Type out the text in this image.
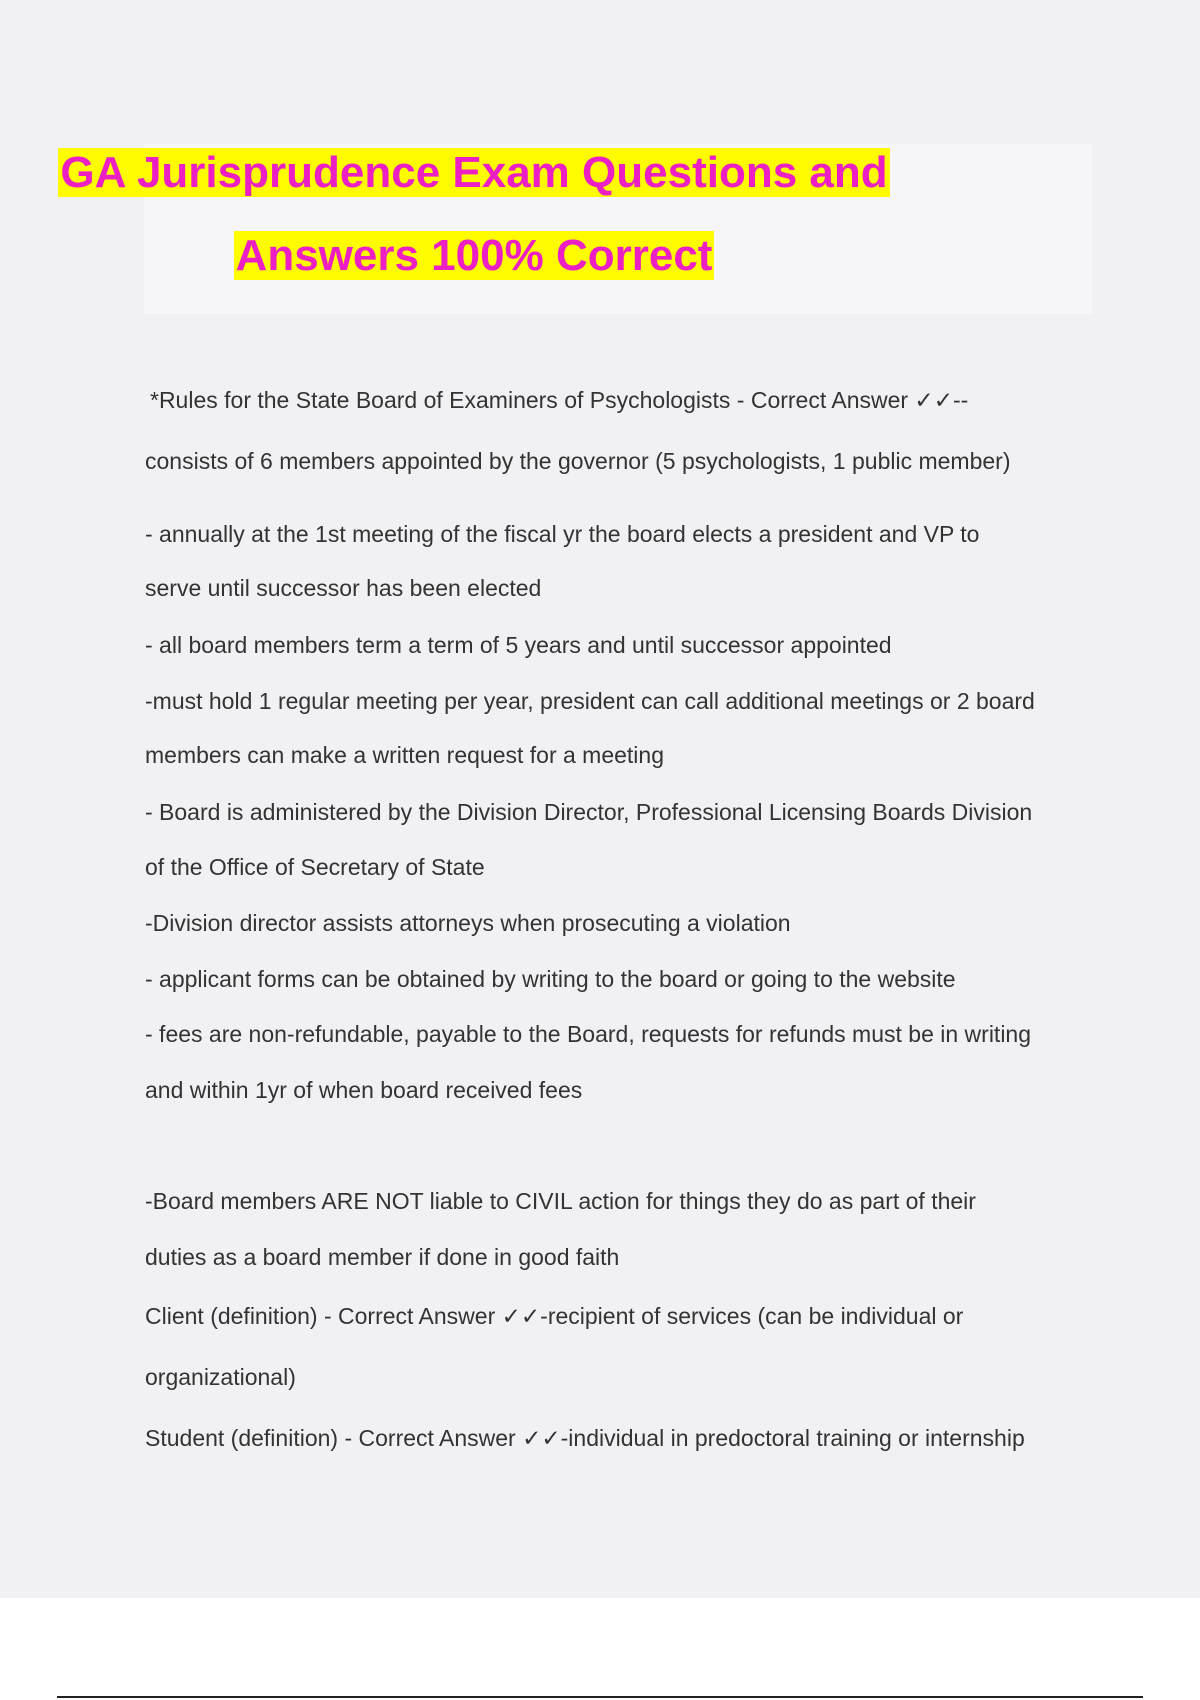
GA Jurisprudence Exam Questions and
Answers 100% Correct
*Rules for the State Board of Examiners of Psychologists - Correct Answer ✓✓--
consists of 6 members appointed by the governor (5 psychologists, 1 public member)
- annually at the 1st meeting of the fiscal yr the board elects a president and VP to
serve until successor has been elected
- all board members term a term of 5 years and until successor appointed
-must hold 1 regular meeting per year, president can call additional meetings or 2 board
members can make a written request for a meeting
- Board is administered by the Division Director, Professional Licensing Boards Division
of the Office of Secretary of State
-Division director assists attorneys when prosecuting a violation
- applicant forms can be obtained by writing to the board or going to the website
- fees are non-refundable, payable to the Board, requests for refunds must be in writing
and within 1yr of when board received fees
-Board members ARE NOT liable to CIVIL action for things they do as part of their
duties as a board member if done in good faith
Client (definition) - Correct Answer ✓✓-recipient of services (can be individual or
organizational)
Student (definition) - Correct Answer ✓✓-individual in predoctoral training or internship
